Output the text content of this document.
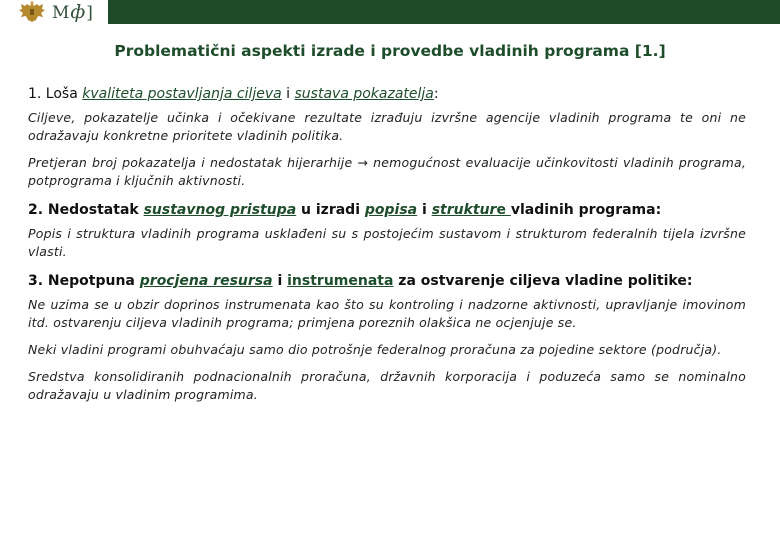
Мф]
Problematični aspekti izrade i provedbe vladinih programa [1.]
1. Loša kvaliteta postavljanja ciljeva i sustava pokazatelja:

Ciljeve, pokazatelje učinka i očekivane rezultate izrađuju izvršne agencije vladinih programa te oni ne odražavaju konkretne prioritete vladinih politika.

Pretjeran broj pokazatelja i nedostatak hijerarhije → nemogućnost evaluacije učinkovitosti vladinih programa, potprograma i ključnih aktivnosti.

2. Nedostatak sustavnog pristupa u izradi popisa i strukture vladinih programa:

Popis i struktura vladinih programa usklađeni su s postojećim sustavom i strukturom federalnih tijela izvršne vlasti.

3. Nepotpuna procjena resursa i instrumenata za ostvarenje ciljeva vladine politike:

Ne uzima se u obzir doprinos instrumenata kao što su kontroling i nadzorne aktivnosti, upravljanje imovinom itd. ostvarenju ciljeva vladinih programa; primjena poreznih olakšica ne ocjenjuje se.

Neki vladini programi obuhvaćaju samo dio potrošnje federalnog proračuna za pojedine sektore (područja).

Sredstva konsolidiranih podnacionalnih proračuna, državnih korporacija i poduzeća samo se nominalno odražavaju u vladinim programima.
